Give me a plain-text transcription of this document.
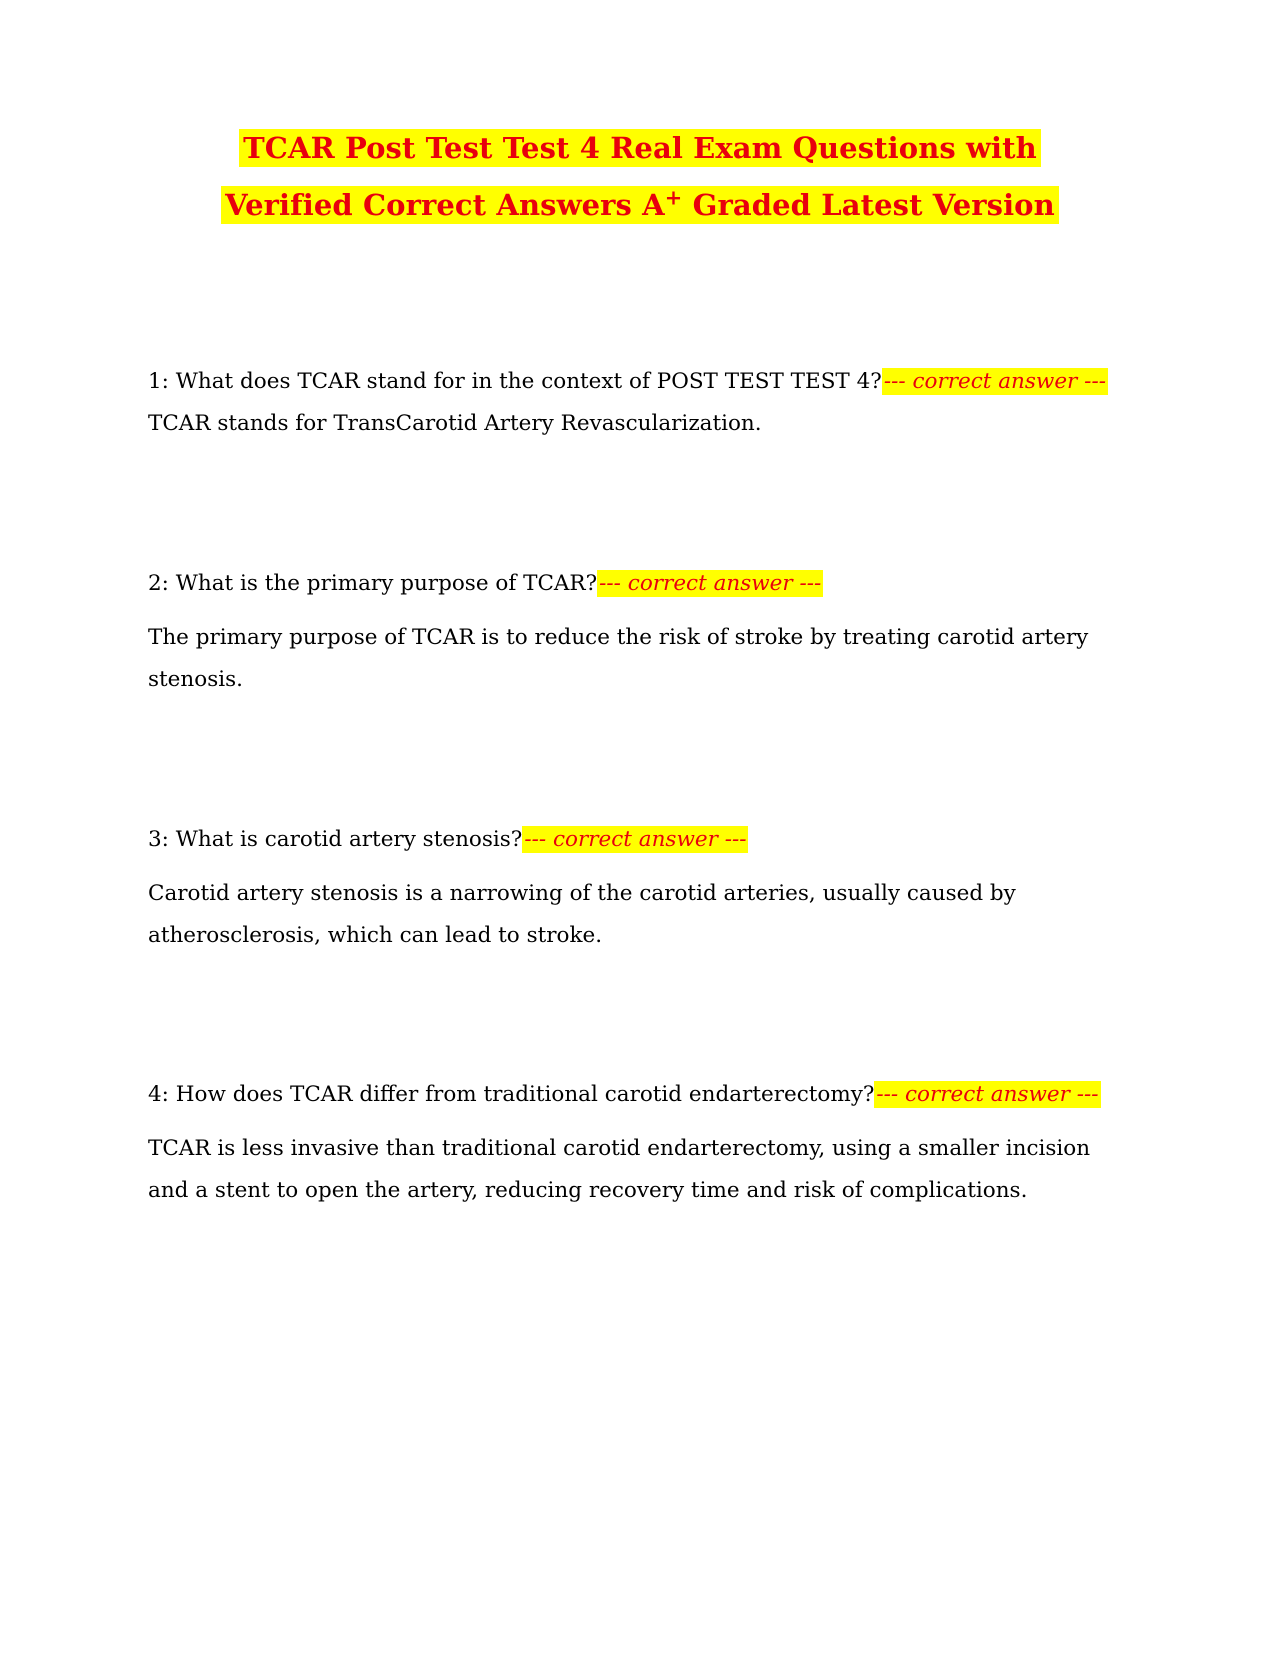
TCAR Post Test Test 4 Real Exam Questions with
Verified Correct Answers A+ Graded Latest Version

1: What does TCAR stand for in the context of POST TEST TEST 4?--- correct answer --- TCAR stands for TransCarotid Artery Revascularization.

2: What is the primary purpose of TCAR?--- correct answer ---

The primary purpose of TCAR is to reduce the risk of stroke by treating carotid artery stenosis.

3: What is carotid artery stenosis?--- correct answer ---

Carotid artery stenosis is a narrowing of the carotid arteries, usually caused by atherosclerosis, which can lead to stroke.

4: How does TCAR differ from traditional carotid endarterectomy?--- correct answer ---

TCAR is less invasive than traditional carotid endarterectomy, using a smaller incision and a stent to open the artery, reducing recovery time and risk of complications.
